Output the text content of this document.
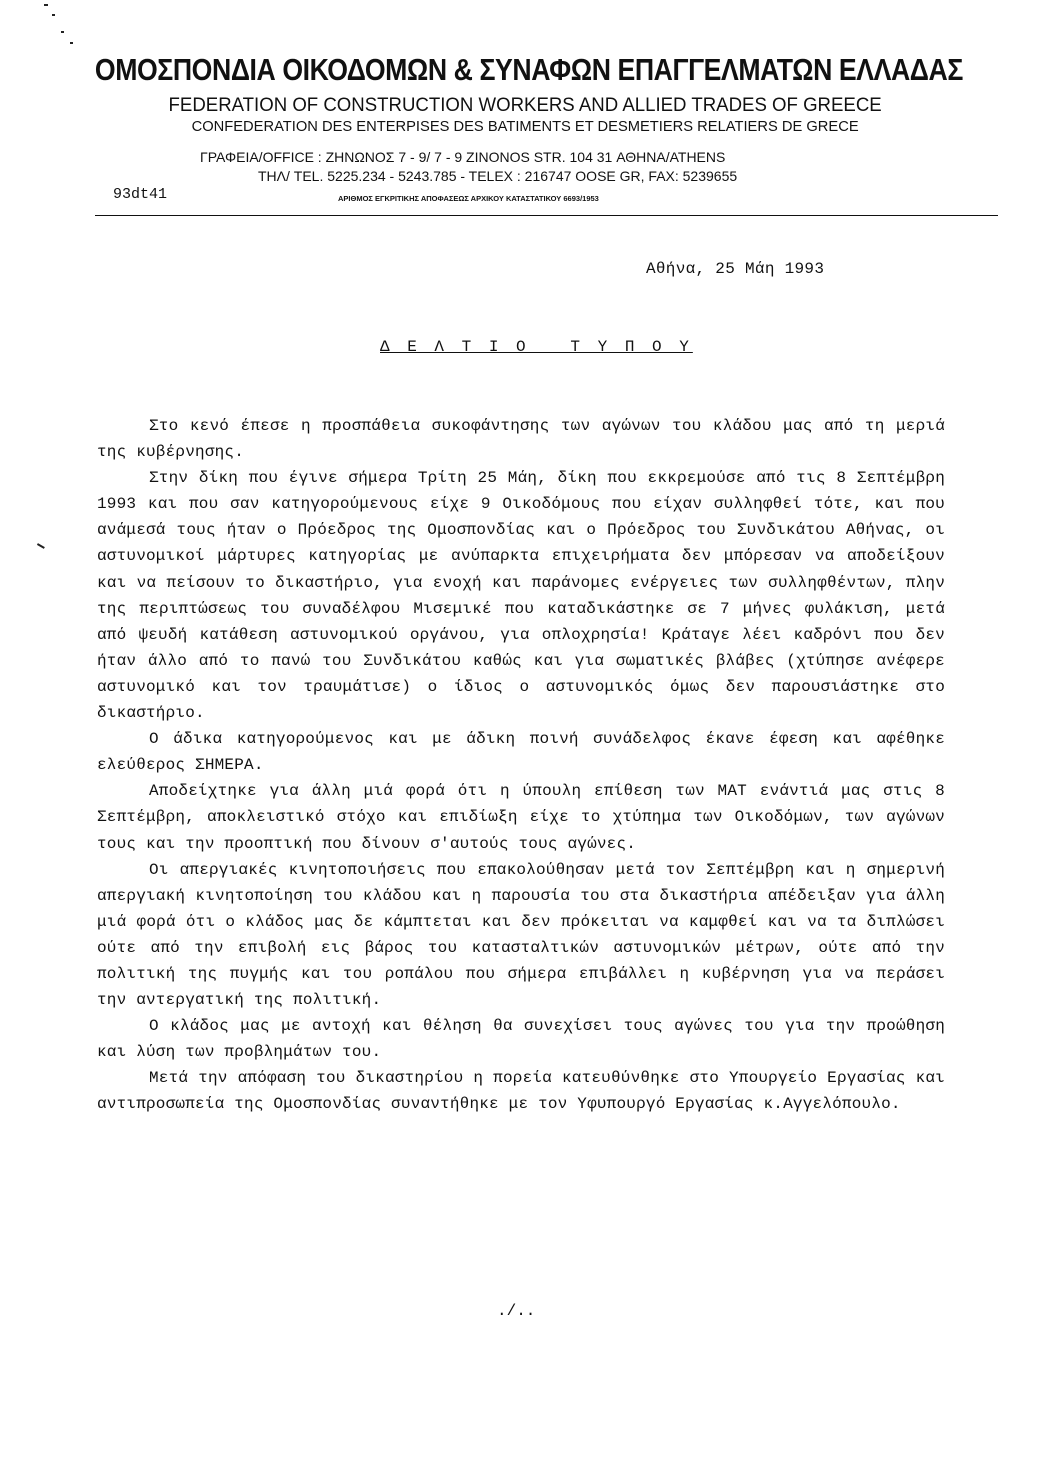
ΟΜΟΣΠΟΝΔΙΑ ΟΙΚΟΔΟΜΩΝ & ΣΥΝΑΦΩΝ ΕΠΑΓΓΕΛΜΑΤΩΝ ΕΛΛΑΔΑΣ
FEDERATION OF CONSTRUCTION WORKERS AND ALLIED TRADES OF GREECE
CONFEDERATION DES ENTERPISES DES BATIMENTS ET DESMETIERS RELATIERS DE GRECE
ΓΡΑΦΕΙΑ/OFFICE : ΖΗΝΩΝΟΣ 7 - 9/ 7 - 9 ZINONOS STR. 104 31 ΑΘΗΝΑ/ATHENS
93dt41
ΤΗΛ/ TEL. 5225.234 - 5243.785 - TELEX : 216747 OOSE GR, FAX: 5239655
ΑΡΙΘΜΟΣ ΕΓΚΡΙΤΙΚΗΣ ΑΠΟΦΑΣΕΩΣ ΑΡΧΙΚΟΥ ΚΑΤΑΣΤΑΤΙΚΟΥ 6693/1953
Αθήνα, 25 Μάη 1993
Δ Ε Λ Τ Ι Ο   Τ Υ Π Ο Υ

Στο κενό έπεσε η προσπάθεια συκοφάντησης των αγώνων του κλάδου μας από τη μεριά της κυβέρνησης.

Στην δίκη που έγινε σήμερα Τρίτη 25 Μάη, δίκη που εκκρεμούσε από τις 8 Σεπτέμβρη 1993 και που σαν κατηγορούμενους είχε 9 Οικοδόμους που είχαν συλληφθεί τότε, και που ανάμεσά τους ήταν ο Πρόεδρος της Ομοσπονδίας και ο Πρόεδρος του Συνδικάτου Αθήνας, οι αστυνομικοί μάρτυρες κατηγορίας με ανύπαρκτα επιχειρήματα δεν μπόρεσαν να αποδείξουν και να πείσουν το δικαστήριο, για ενοχή και παράνομες ενέργειες των συλληφθέντων, πλην της περιπτώσεως του συναδέλφου Μισεμικέ που καταδικάστηκε σε 7 μήνες φυλάκιση, μετά από ψευδή κατάθεση αστυνομικού οργάνου, για οπλοχρησία! Κράταγε λέει καδρόνι που δεν ήταν άλλο από το πανώ του Συνδικάτου καθώς και για σωματικές βλάβες (χτύπησε ανέφερε αστυνομικό και τον τραυμάτισε) ο ίδιος ο αστυνομικός όμως δεν παρουσιάστηκε στο δικαστήριο.

Ο άδικα κατηγορούμενος και με άδικη ποινή συνάδελφος έκανε έφεση και αφέθηκε ελεύθερος ΣΗΜΕΡΑ.

Αποδείχτηκε για άλλη μιά φορά ότι η ύπουλη επίθεση των ΜΑΤ ενάντιά μας στις 8 Σεπτέμβρη, αποκλειστικό στόχο και επιδίωξη είχε το χτύπημα των Οικοδόμων, των αγώνων τους και την προοπτική που δίνουν σ'αυτούς τους αγώνες.

Οι απεργιακές κινητοποιήσεις που επακολούθησαν μετά τον Σεπτέμβρη και η σημερινή απεργιακή κινητοποίηση του κλάδου και η παρουσία του στα δικαστήρια απέδειξαν για άλλη μιά φορά ότι ο κλάδος μας δε κάμπτεται και δεν πρόκειται να καμφθεί και να τα διπλώσει ούτε από την επιβολή εις βάρος του κατασταλτικών αστυνομικών μέτρων, ούτε από την πολιτική της πυγμής και του ροπάλου που σήμερα επιβάλλει η κυβέρνηση για να περάσει την αντεργατική της πολιτική.

Ο κλάδος μας με αντοχή και θέληση θα συνεχίσει τους αγώνες του για την προώθηση και λύση των προβλημάτων του.

Μετά την απόφαση του δικαστηρίου η πορεία κατευθύνθηκε στο Υπουργείο Εργασίας και αντιπροσωπεία της Ομοσπονδίας συναντήθηκε με τον Υφυπουργό Εργασίας κ.Αγγελόπουλο.

./..
